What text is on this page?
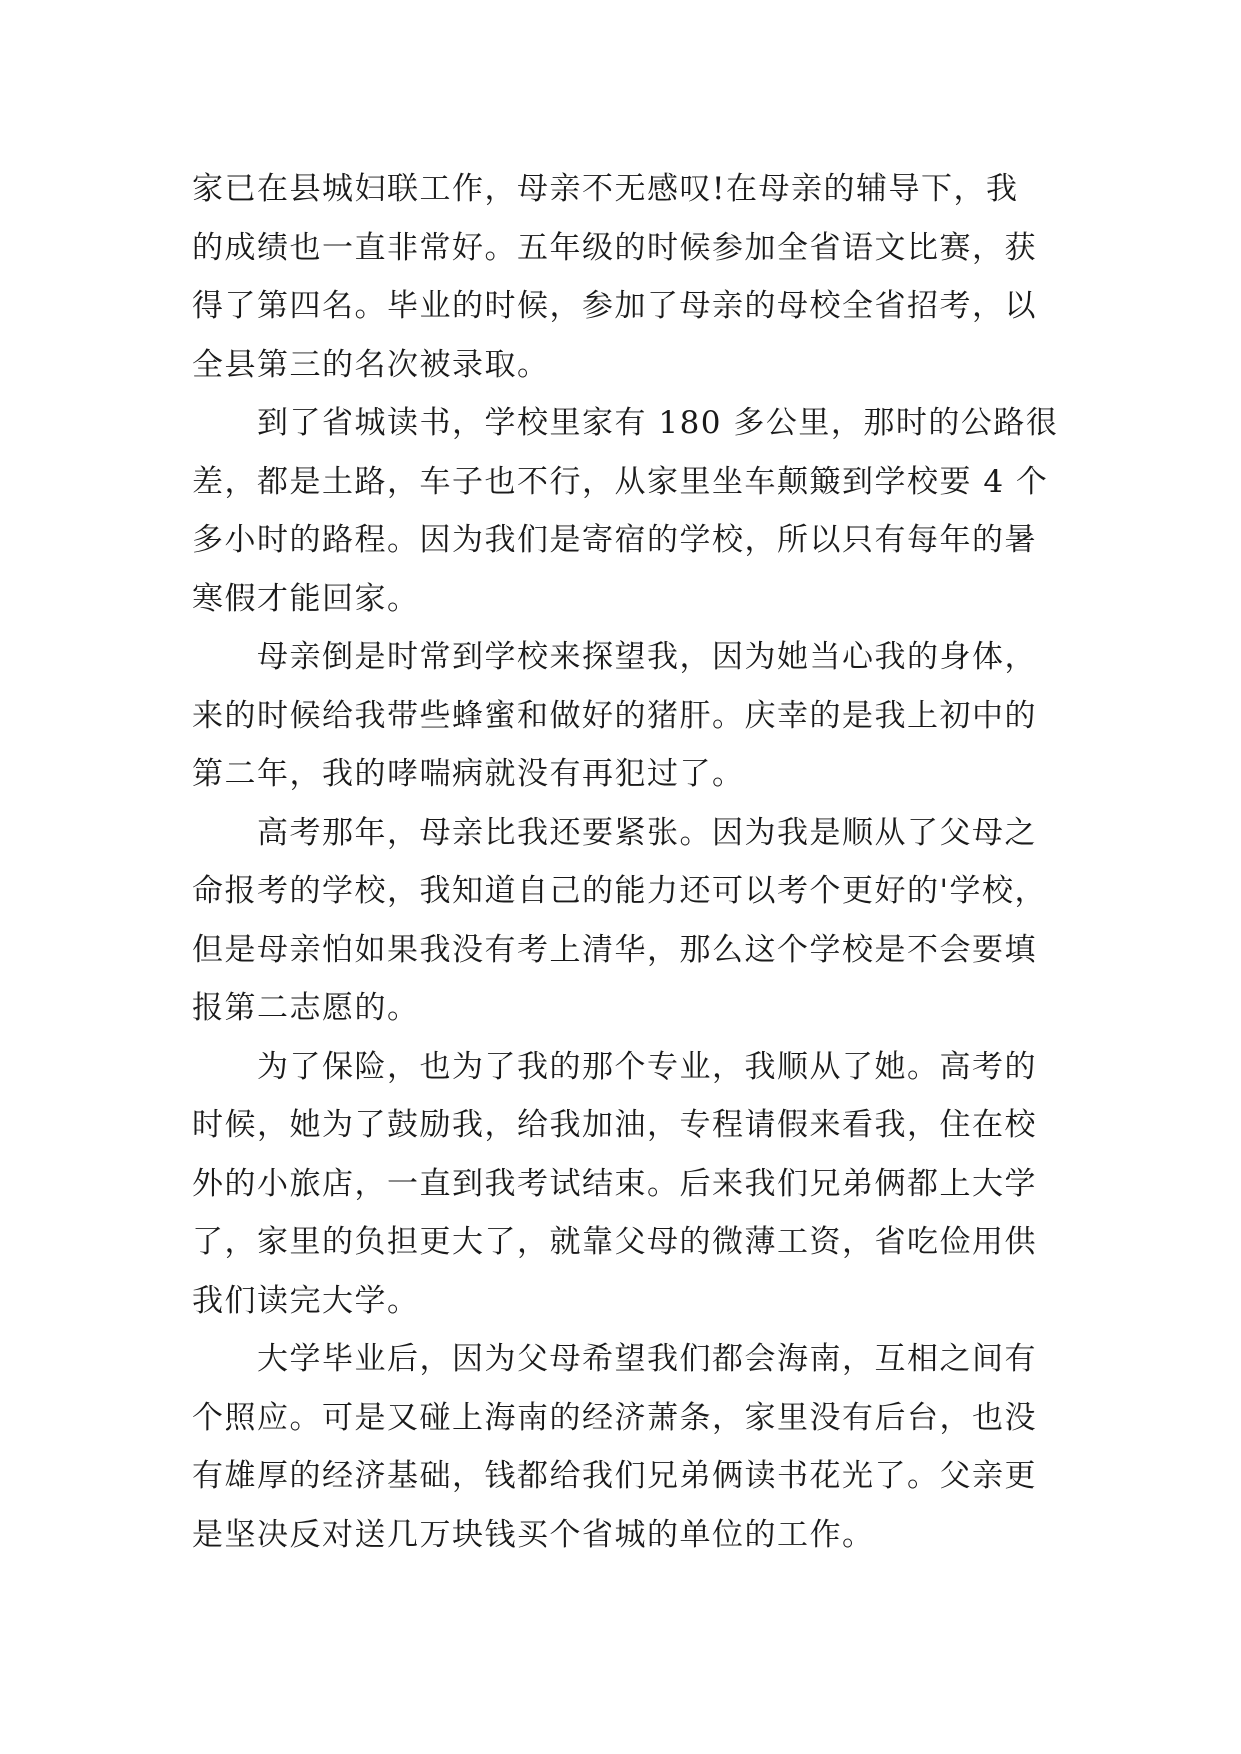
家已在县城妇联工作，母亲不无感叹!在母亲的辅导下，我
的成绩也一直非常好。五年级的时候参加全省语文比赛，获
得了第四名。毕业的时候，参加了母亲的母校全省招考，以
全县第三的名次被录取。
　　到了省城读书，学校里家有 180 多公里，那时的公路很
差，都是土路，车子也不行，从家里坐车颠簸到学校要 4 个
多小时的路程。因为我们是寄宿的学校，所以只有每年的暑
寒假才能回家。
　　母亲倒是时常到学校来探望我，因为她当心我的身体，
来的时候给我带些蜂蜜和做好的猪肝。庆幸的是我上初中的
第二年，我的哮喘病就没有再犯过了。
　　高考那年，母亲比我还要紧张。因为我是顺从了父母之
命报考的学校，我知道自己的能力还可以考个更好的'学校，
但是母亲怕如果我没有考上清华，那么这个学校是不会要填
报第二志愿的。
　　为了保险，也为了我的那个专业，我顺从了她。高考的
时候，她为了鼓励我，给我加油，专程请假来看我，住在校
外的小旅店，一直到我考试结束。后来我们兄弟俩都上大学
了，家里的负担更大了，就靠父母的微薄工资，省吃俭用供
我们读完大学。
　　大学毕业后，因为父母希望我们都会海南，互相之间有
个照应。可是又碰上海南的经济萧条，家里没有后台，也没
有雄厚的经济基础，钱都给我们兄弟俩读书花光了。父亲更
是坚决反对送几万块钱买个省城的单位的工作。
